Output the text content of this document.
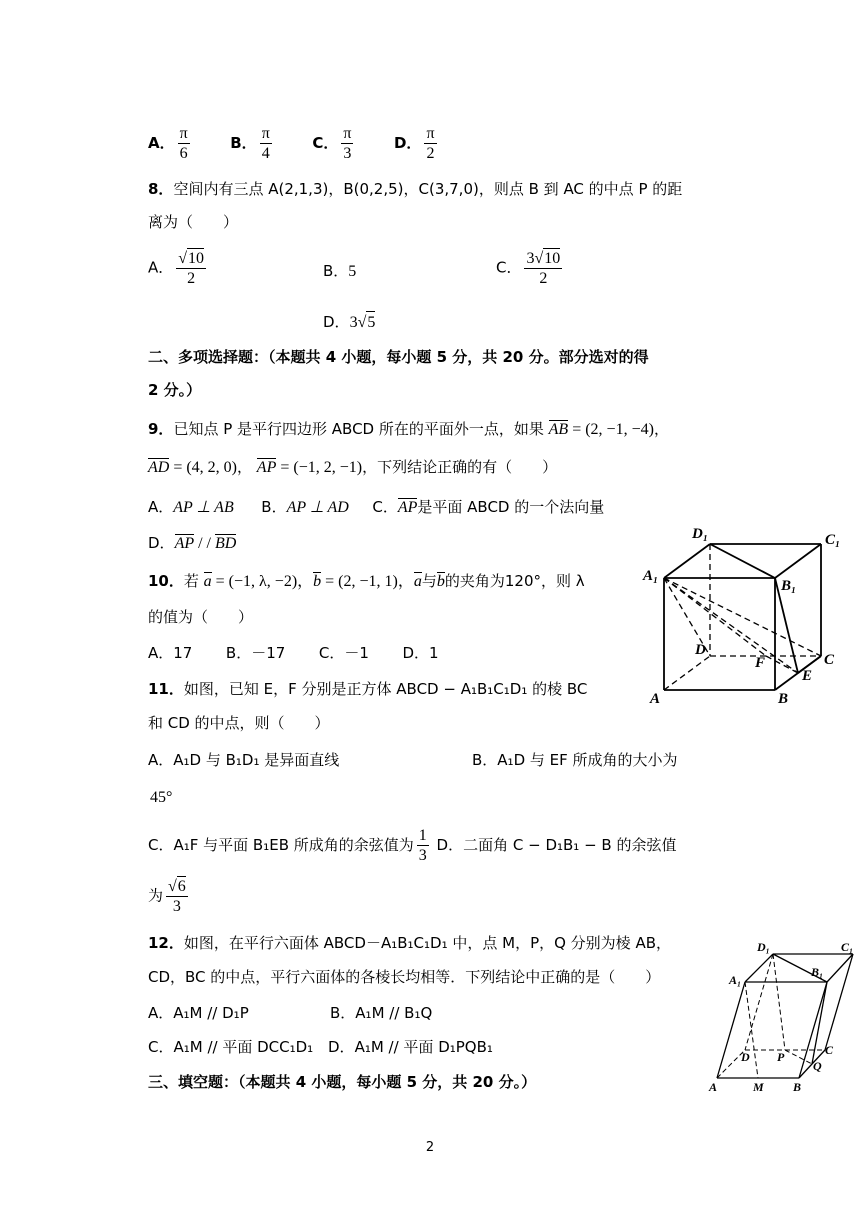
A． $\frac{\pi}{6}$	B． $\frac{\pi}{4}$	C． $\frac{\pi}{3}$	D． $\frac{\pi}{2}$
8．空间内有三点 A(2,1,3)，B(0,2,5)，C(3,7,0)，则点 B 到 AC 的中点 P 的距
离为（　　）
A． $\frac{√10}{2}$	B．5	C． $\frac{3√10}{2}$
D．3√5
二、多项选择题：（本题共 4 小题，每小题 5 分，共 20 分。部分选对的得
2 分。）
9．已知点 P 是平行四边形 ABCD 所在的平面外一点，如果 AB = (2, −1, −4)，
AD = (4, 2, 0)， AP = (−1, 2, −1)，下列结论正确的有（　　）
A．AP ⊥ AB B．AP ⊥ AD C．AP是平面 ABCD 的一个法向量
D．AP / / BD
10．若 a = (−1, λ, −2)，b = (2, −1, 1)，a与b的夹角为120°，则 λ
的值为（　　）
A．17 B．－17 C．－1 D．1
11．如图，已知 E，F 分别是正方体 ABCD − A₁B₁C₁D₁ 的棱 BC
和 CD 的中点，则（　　）
A．A₁D 与 B₁D₁ 是异面直线	B．A₁D 与 EF 所成角的大小为
45°
C．A₁F 与平面 B₁EB 所成角的余弦值为 $\frac{1}{3}$ D．二面角 C − D₁B₁ − B 的余弦值
为 $\frac{√6}{3}$
12．如图，在平行六面体 ABCD－A₁B₁C₁D₁ 中，点 M，P，Q 分别为棱 AB，
CD，BC 的中点，平行六面体的各棱长均相等．下列结论中正确的是（　　）
A．A₁M // D₁P	B．A₁M // B₁Q
C．A₁M // 平面 DCC₁D₁ D．A₁M // 平面 D₁PQB₁
三、填空题：（本题共 4 小题，每小题 5 分，共 20 分。）
D₁	C₁
A₁
B₁
D
F	C
E
A	B
D₁	C₁
A₁
B₁
D P	C
Q
A	M B
2
